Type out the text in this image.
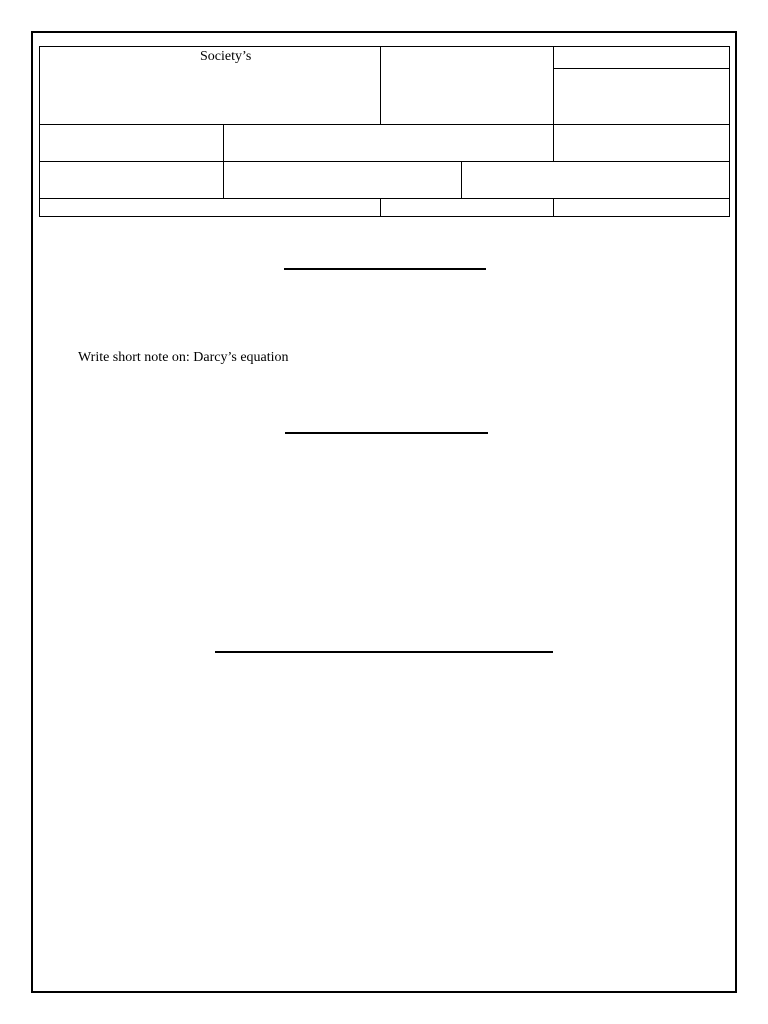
Society’s
Write short note on: Darcy’s equation
